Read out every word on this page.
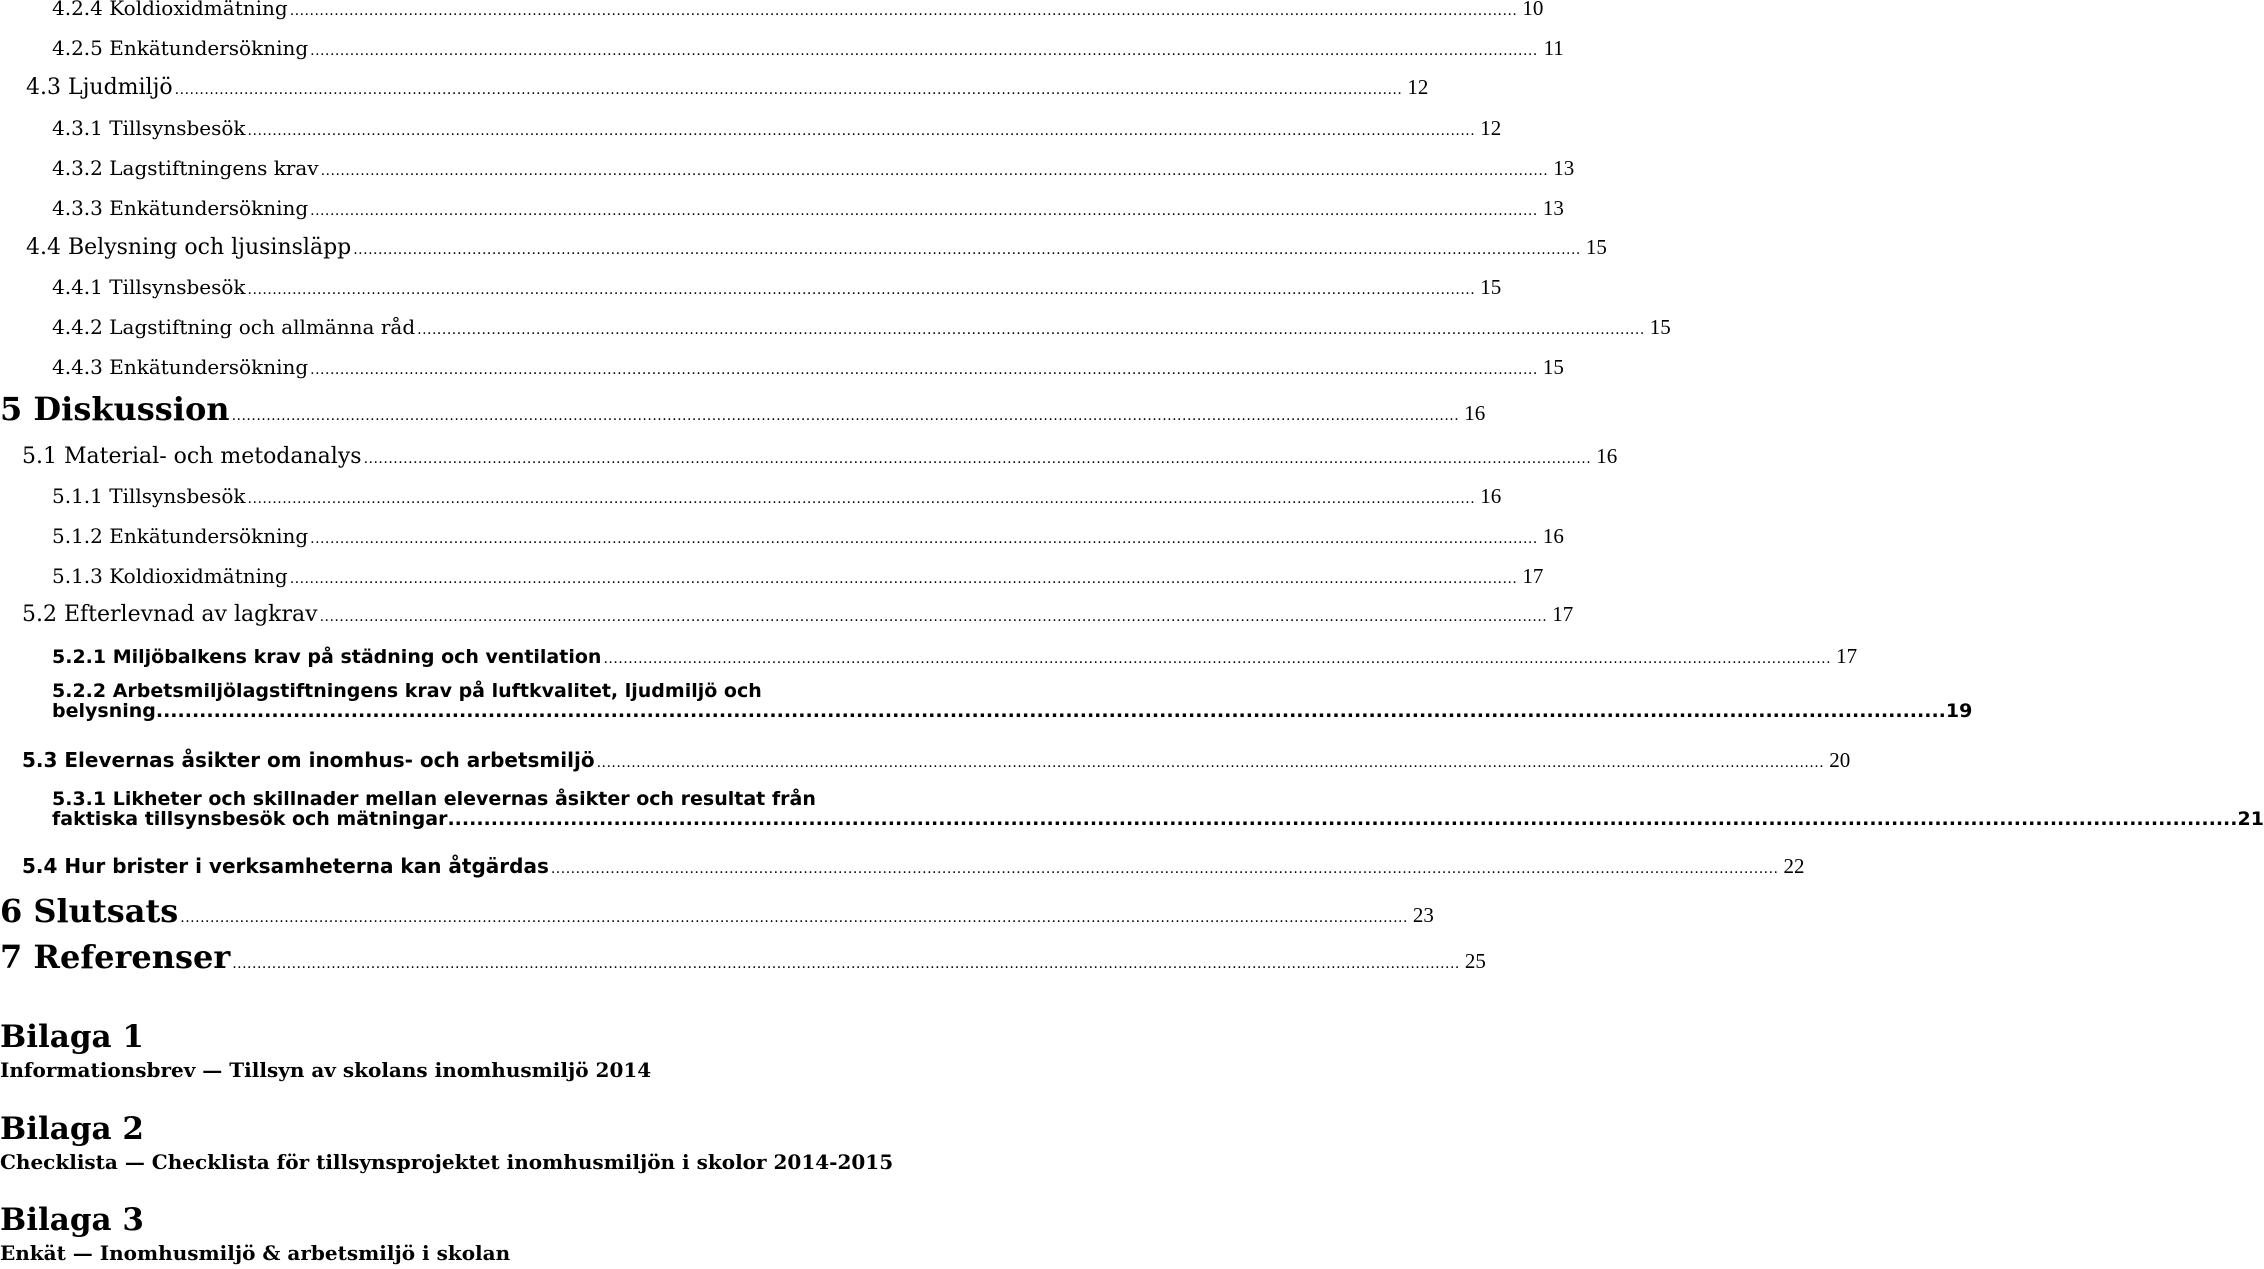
4.2.4 Koldioxidmätning ........................................................................................................................................................................................................................................................ 10
4.2.5 Enkätundersökning ........................................................................................................................................................................................................................................................ 11
4.3 Ljudmiljö ........................................................................................................................................................................................................................................................ 12
4.3.1 Tillsynsbesök ........................................................................................................................................................................................................................................................ 12
4.3.2 Lagstiftningens krav ........................................................................................................................................................................................................................................................ 13
4.3.3 Enkätundersökning ........................................................................................................................................................................................................................................................ 13
4.4 Belysning och ljusinsläpp ........................................................................................................................................................................................................................................................ 15
4.4.1 Tillsynsbesök ........................................................................................................................................................................................................................................................ 15
4.4.2 Lagstiftning och allmänna råd ........................................................................................................................................................................................................................................................ 15
4.4.3 Enkätundersökning ........................................................................................................................................................................................................................................................ 15
5 Diskussion ........................................................................................................................................................................................................................................................ 16
5.1 Material- och metodanalys ........................................................................................................................................................................................................................................................ 16
5.1.1 Tillsynsbesök ........................................................................................................................................................................................................................................................ 16
5.1.2 Enkätundersökning ........................................................................................................................................................................................................................................................ 16
5.1.3 Koldioxidmätning ........................................................................................................................................................................................................................................................ 17
5.2 Efterlevnad av lagkrav ........................................................................................................................................................................................................................................................ 17
5.2.1 Miljöbalkens krav på städning och ventilation ........................................................................................................................................................................................................................................................ 17
5.2.2 Arbetsmiljölagstiftningens krav på luftkvalitet, ljudmiljö och
belysning ........................................................................................................................................................................................................................................................ 19
5.3 Elevernas åsikter om inomhus- och arbetsmiljö ........................................................................................................................................................................................................................................................ 20
5.3.1 Likheter och skillnader mellan elevernas åsikter och resultat från
faktiska tillsynsbesök och mätningar ........................................................................................................................................................................................................................................................ 21
5.4 Hur brister i verksamheterna kan åtgärdas ........................................................................................................................................................................................................................................................ 22
6 Slutsats ........................................................................................................................................................................................................................................................ 23
7 Referenser ........................................................................................................................................................................................................................................................ 25
Bilaga 1
Informationsbrev — Tillsyn av skolans inomhusmiljö 2014
Bilaga 2
Checklista — Checklista för tillsynsprojektet inomhusmiljön i skolor 2014-2015
Bilaga 3
Enkät — Inomhusmiljö & arbetsmiljö i skolan
